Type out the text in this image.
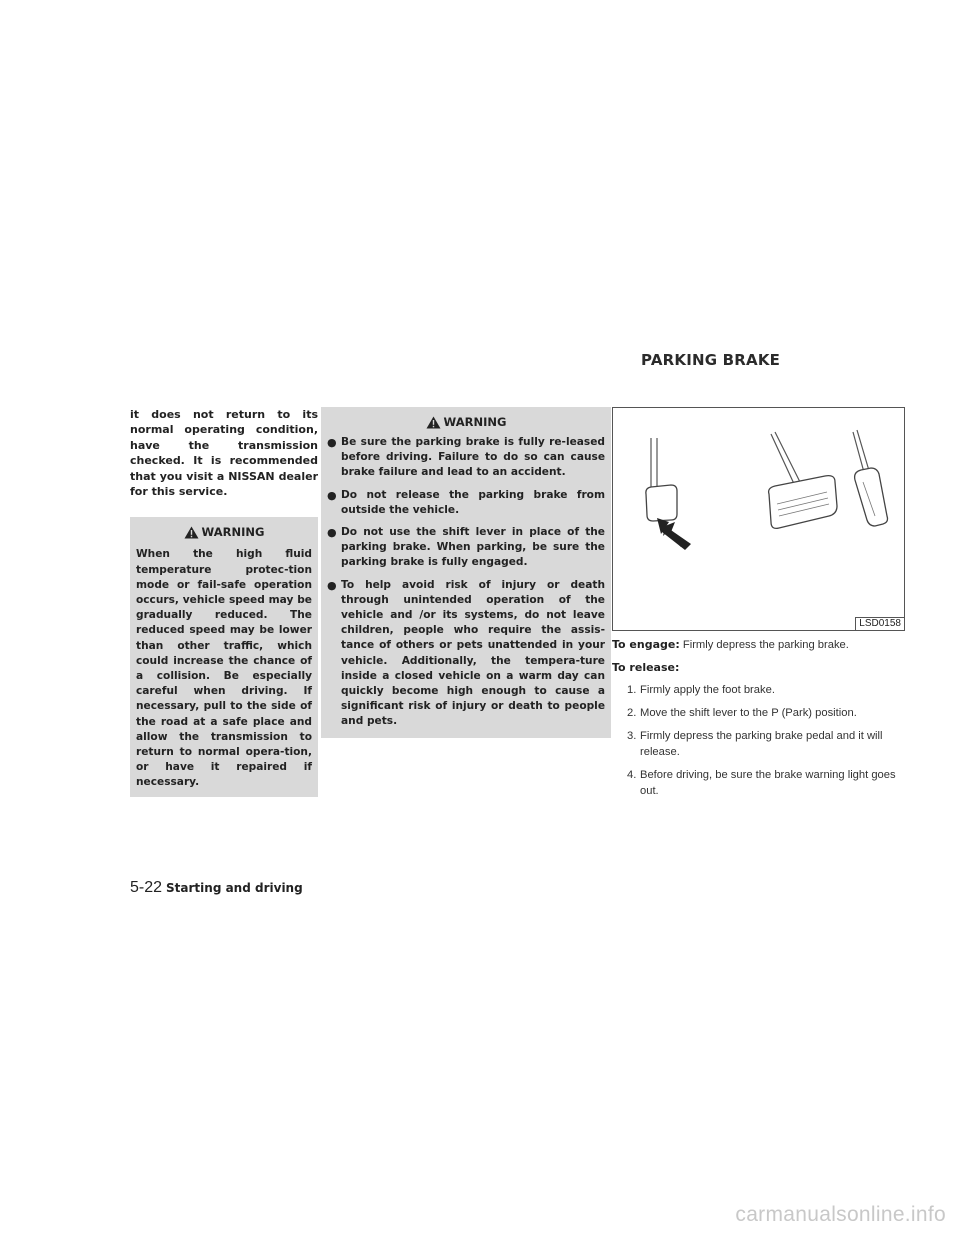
PARKING BRAKE

it does not return to its normal operating condition, have the transmission checked. It is recommended that you visit a NISSAN dealer for this service.

WARNING

When the high fluid temperature protec-tion mode or fail-safe operation occurs, vehicle speed may be gradually reduced. The reduced speed may be lower than other traffic, which could increase the chance of a collision. Be especially careful when driving. If necessary, pull to the side of the road at a safe place and allow the transmission to return to normal opera-tion, or have it repaired if necessary.

WARNING
● Be sure the parking brake is fully re-leased before driving. Failure to do so can cause brake failure and lead to an accident.
● Do not release the parking brake from outside the vehicle.
● Do not use the shift lever in place of the parking brake. When parking, be sure the parking brake is fully engaged.
● To help avoid risk of injury or death through unintended operation of the vehicle and /or its systems, do not leave children, people who require the assis-tance of others or pets unattended in your vehicle. Additionally, the tempera-ture inside a closed vehicle on a warm day can quickly become high enough to cause a significant risk of injury or death to people and pets.
LSD0158

To engage: Firmly depress the parking brake.

To release:

1. Firmly apply the foot brake.
2. Move the shift lever to the P (Park) position.
3. Firmly depress the parking brake pedal and it will release.
4. Before driving, be sure the brake warning light goes out.
5-22 Starting and driving
carmanualsonline.info
